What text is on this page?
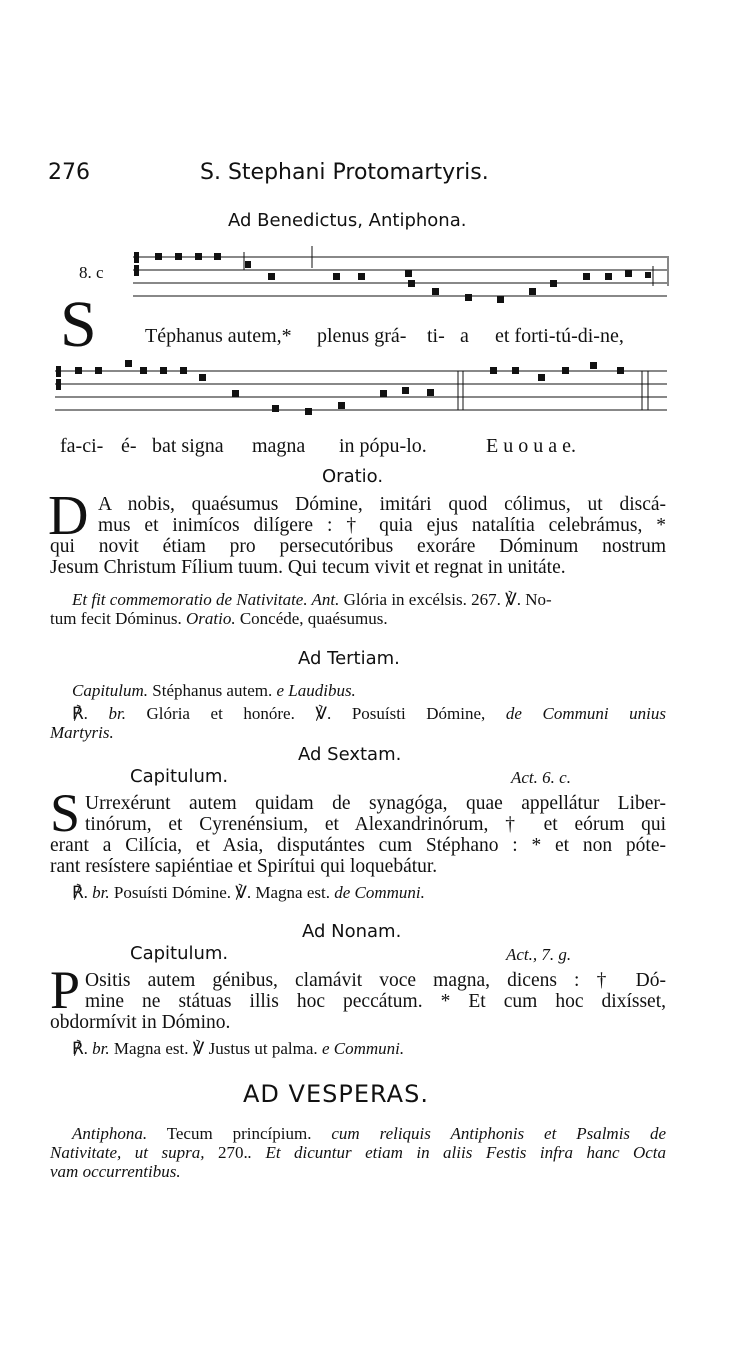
276	S. Stephani Protomartyris.
Ad Benedictus, Antiphona.
8. c
S Téphanus autem,* plenus grá- ti- a et forti-tú-di-ne,
fa-ci- é- bat signa magna in pópu-lo.	E u o u a e.
Oratio.
D A nobis, quaésumus Dómine, imitári quod cólimus, ut discá-
mus et inimícos dilígere : † quia ejus natalítia celebrámus, *
qui novit étiam pro persecutóribus exoráre Dóminum nostrum
Jesum Christum Fílium tuum. Qui tecum vivit et regnat in unitáte.
Et fit commemoratio de Nativitate. Ant. Glória in excélsis. 267. ℣. No-
tum fecit Dóminus. Oratio. Concéde, quaésumus.
Ad Tertiam.
Capitulum. Stéphanus autem. e Laudibus.
℟. br. Glória et honóre. ℣. Posuísti Dómine, de Communi unius
Martyris.
Ad Sextam.
Capitulum.	Act. 6. c.
S Urrexérunt autem quidam de synagóga, quae appellátur Liber-
tinórum, et Cyrenénsium, et Alexandrinórum, † et eórum qui
erant a Cilícia, et Asia, disputántes cum Stéphano : * et non póte-
rant resístere sapiéntiae et Spirítui qui loquebátur.
℟. br. Posuísti Dómine. ℣. Magna est. de Communi.
Ad Nonam.
Capitulum.	Act., 7. g.
P Ositis autem génibus, clamávit voce magna, dicens : † Dó-
mine ne státuas illis hoc peccátum. * Et cum hoc dixísset,
obdormívit in Dómino.
℟. br. Magna est. ℣ Justus ut palma. e Communi.
AD VESPERAS.
Antiphona. Tecum princípium. cum reliquis Antiphonis et Psalmis de
Nativitate, ut supra, 270.. Et dicuntur etiam in aliis Festis infra hanc Octa
vam occurrentibus.
